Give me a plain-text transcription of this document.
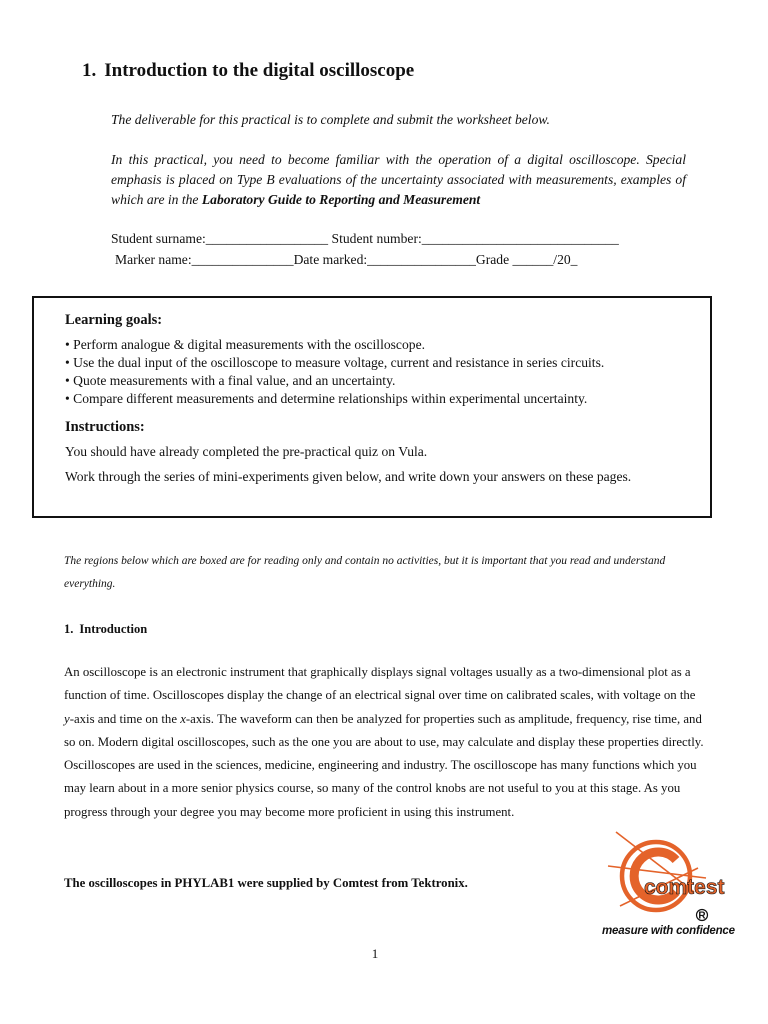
1. Introduction to the digital oscilloscope
The deliverable for this practical is to complete and submit the worksheet below.
In this practical, you need to become familiar with the operation of a digital oscilloscope. Special emphasis is placed on Type B evaluations of the uncertainty associated with measurements, examples of which are in the Laboratory Guide to Reporting and Measurement
Student surname:__________________ Student number:_____________________________
Marker name:_______________Date marked:________________Grade ______/20_
Learning goals:
• Perform analogue & digital measurements with the oscilloscope.
• Use the dual input of the oscilloscope to measure voltage, current and resistance in series circuits.
• Quote measurements with a final value, and an uncertainty.
• Compare different measurements and determine relationships within experimental uncertainty.
Instructions:
You should have already completed the pre-practical quiz on Vula.
Work through the series of mini-experiments given below, and write down your answers on these pages.
The regions below which are boxed are for reading only and contain no activities, but it is important that you read and understand everything.
1. Introduction
An oscilloscope is an electronic instrument that graphically displays signal voltages usually as a two-dimensional plot as a function of time. Oscilloscopes display the change of an electrical signal over time on calibrated scales, with voltage on the y-axis and time on the x-axis. The waveform can then be analyzed for properties such as amplitude, frequency, rise time, and so on. Modern digital oscilloscopes, such as the one you are about to use, may calculate and display these properties directly. Oscilloscopes are used in the sciences, medicine, engineering and industry. The oscilloscope has many functions which you may learn about in a more senior physics course, so many of the control knobs are not useful to you at this stage. As you progress through your degree you may become more proficient in using this instrument.
The oscilloscopes in PHYLAB1 were supplied by Comtest from Tektronix.	comtest
R
measure with confidence
1
